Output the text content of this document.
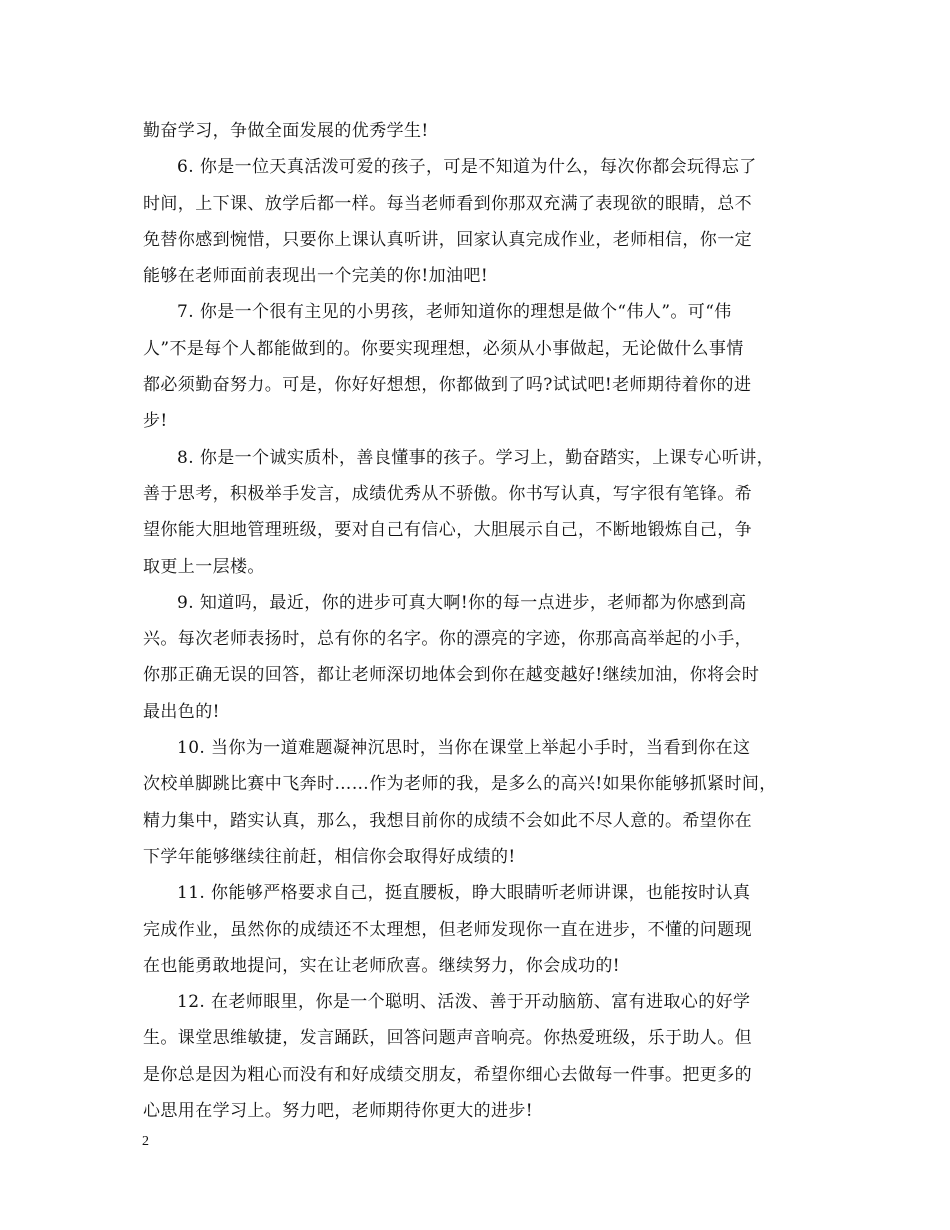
勤奋学习，争做全面发展的优秀学生!
6. 你是一位天真活泼可爱的孩子，可是不知道为什么，每次你都会玩得忘了
时间，上下课、放学后都一样。每当老师看到你那双充满了表现欲的眼睛，总不
免替你感到惋惜，只要你上课认真听讲，回家认真完成作业，老师相信，你一定
能够在老师面前表现出一个完美的你!加油吧!
7. 你是一个很有主见的小男孩，老师知道你的理想是做个“伟人”。可“伟
人”不是每个人都能做到的。你要实现理想，必须从小事做起，无论做什么事情
都必须勤奋努力。可是，你好好想想，你都做到了吗?试试吧!老师期待着你的进
步!
8. 你是一个诚实质朴，善良懂事的孩子。学习上，勤奋踏实，上课专心听讲，
善于思考，积极举手发言，成绩优秀从不骄傲。你书写认真，写字很有笔锋。希
望你能大胆地管理班级，要对自己有信心，大胆展示自己，不断地锻炼自己，争
取更上一层楼。
9. 知道吗，最近，你的进步可真大啊!你的每一点进步，老师都为你感到高
兴。每次老师表扬时，总有你的名字。你的漂亮的字迹，你那高高举起的小手，
你那正确无误的回答，都让老师深切地体会到你在越变越好!继续加油，你将会时
最出色的!
10. 当你为一道难题凝神沉思时，当你在课堂上举起小手时，当看到你在这
次校单脚跳比赛中飞奔时……作为老师的我，是多么的高兴!如果你能够抓紧时间，
精力集中，踏实认真，那么，我想目前你的成绩不会如此不尽人意的。希望你在
下学年能够继续往前赶，相信你会取得好成绩的!
11. 你能够严格要求自己，挺直腰板，睁大眼睛听老师讲课，也能按时认真
完成作业，虽然你的成绩还不太理想，但老师发现你一直在进步，不懂的问题现
在也能勇敢地提问，实在让老师欣喜。继续努力，你会成功的!
12. 在老师眼里，你是一个聪明、活泼、善于开动脑筋、富有进取心的好学
生。课堂思维敏捷，发言踊跃，回答问题声音响亮。你热爱班级，乐于助人。但
是你总是因为粗心而没有和好成绩交朋友，希望你细心去做每一件事。把更多的
心思用在学习上。努力吧，老师期待你更大的进步!
2
